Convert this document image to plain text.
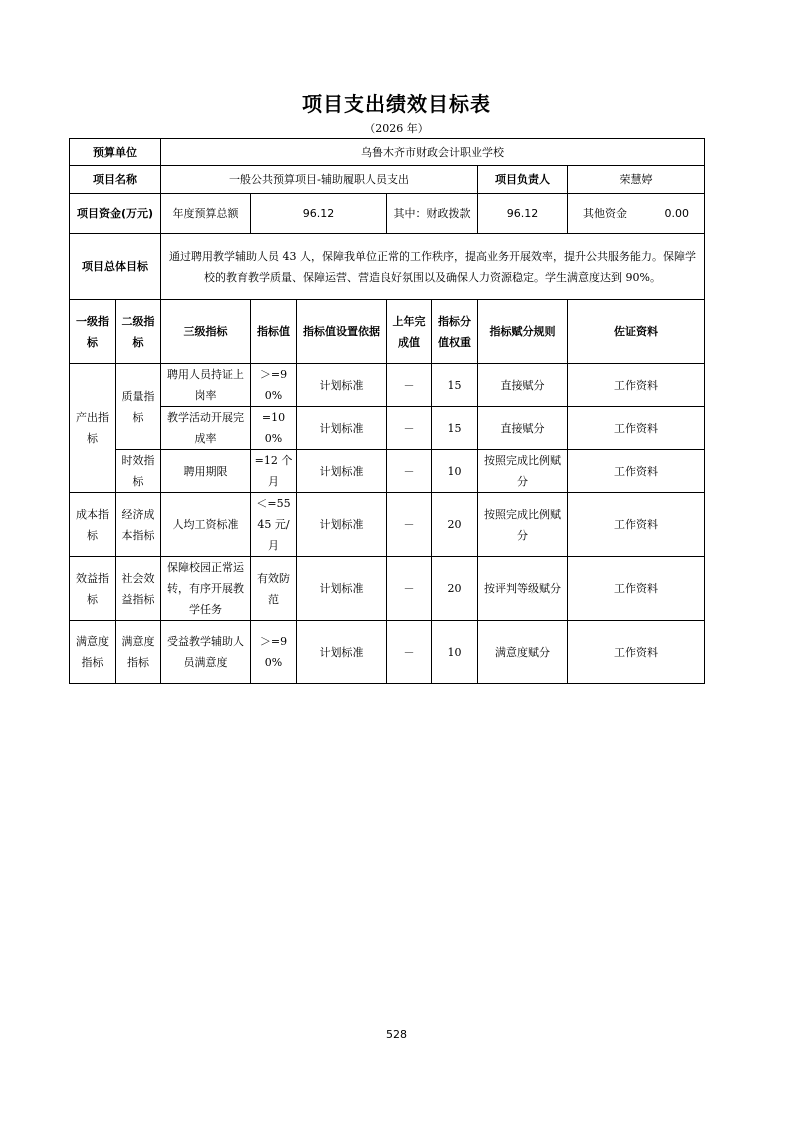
项目支出绩效目标表
（2026 年）
预算单位		乌鲁木齐市财政会计职业学校						
项目名称		一般公共预算项目-辅助履职人员支出					项目负责人	荣慧婷
项目资金(万元)		年度预算总额	96.12		其中：财政拨款		96.12	其他资金 0.00
项目总体目标		通过聘用教学辅助人员 43 人，保障我单位正常的工作秩序，提高业务开展效率，提升公共服务能力。保障学校的教育教学质量、保障运营、营造良好氛围以及确保人力资源稳定。学生满意度达到 90%。						
一级指标	二级指标	三级指标	指标值	指标值设置依据	上年完成值	指标分值权重	指标赋分规则	佐证资料
产出指标	质量指标	聘用人员持证上岗率	＞=90%	计划标准	－	15	直接赋分	工作资料
		教学活动开展完成率	=100%	计划标准	－	15	直接赋分	工作资料
	时效指标	聘用期限	=12 个月	计划标准	－	10	按照完成比例赋分	工作资料
成本指标	经济成本指标	人均工资标准	＜=5545 元/月	计划标准	－	20	按照完成比例赋分	工作资料
效益指标	社会效益指标	保障校园正常运转，有序开展教学任务	有效防范	计划标准	－	20	按评判等级赋分	工作资料
满意度指标	满意度指标	受益教学辅助人员满意度	＞=90%	计划标准	－	10	满意度赋分	工作资料
528
